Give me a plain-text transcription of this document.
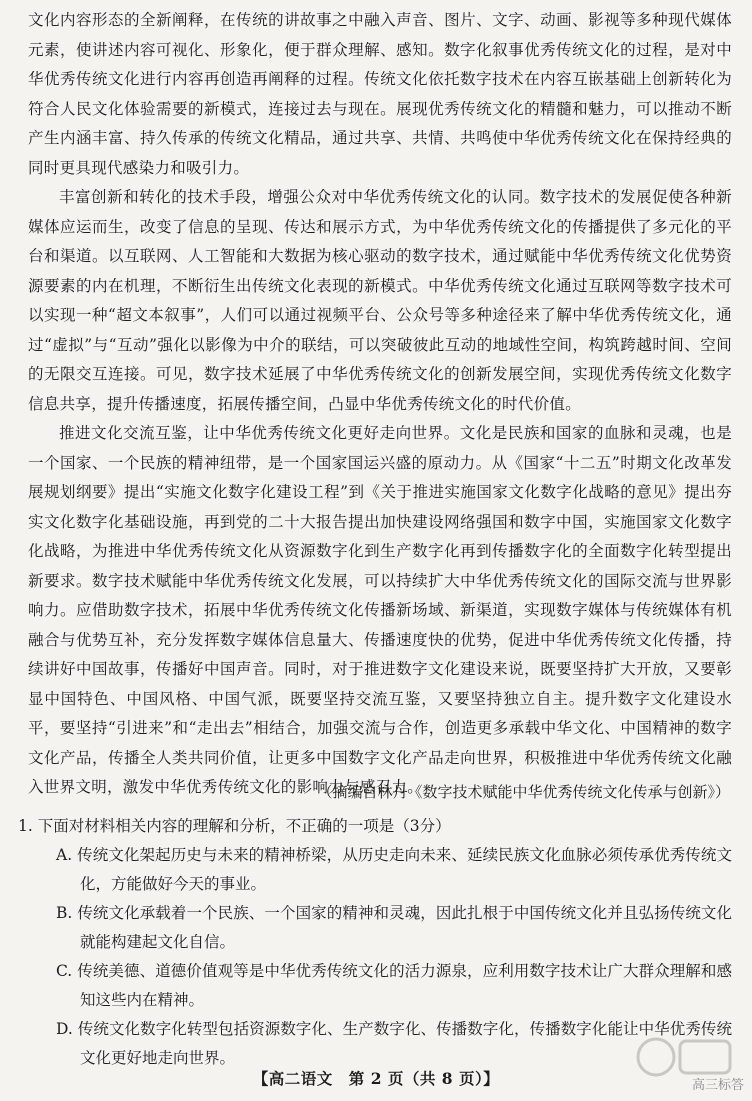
文化内容形态的全新阐释，在传统的讲故事之中融入声音、图片、文字、动画、影视等多种现代媒体元素，使讲述内容可视化、形象化，便于群众理解、感知。数字化叙事优秀传统文化的过程，是对中华优秀传统文化进行内容再创造再阐释的过程。传统文化依托数字技术在内容互嵌基础上创新转化为符合人民文化体验需要的新模式，连接过去与现在。展现优秀传统文化的精髓和魅力，可以推动不断产生内涵丰富、持久传承的传统文化精品，通过共享、共情、共鸣使中华优秀传统文化在保持经典的同时更具现代感染力和吸引力。

丰富创新和转化的技术手段，增强公众对中华优秀传统文化的认同。数字技术的发展促使各种新媒体应运而生，改变了信息的呈现、传达和展示方式，为中华优秀传统文化的传播提供了多元化的平台和渠道。以互联网、人工智能和大数据为核心驱动的数字技术，通过赋能中华优秀传统文化优势资源要素的内在机理，不断衍生出传统文化表现的新模式。中华优秀传统文化通过互联网等数字技术可以实现一种“超文本叙事”，人们可以通过视频平台、公众号等多种途径来了解中华优秀传统文化，通过“虚拟”与“互动”强化以影像为中介的联结，可以突破彼此互动的地域性空间，构筑跨越时间、空间的无限交互连接。可见，数字技术延展了中华优秀传统文化的创新发展空间，实现优秀传统文化数字信息共享，提升传播速度，拓展传播空间，凸显中华优秀传统文化的时代价值。

推进文化交流互鉴，让中华优秀传统文化更好走向世界。文化是民族和国家的血脉和灵魂，也是一个国家、一个民族的精神纽带，是一个国家国运兴盛的原动力。从《国家“十二五”时期文化改革发展规划纲要》提出“实施文化数字化建设工程”到《关于推进实施国家文化数字化战略的意见》提出夯实文化数字化基础设施，再到党的二十大报告提出加快建设网络强国和数字中国，实施国家文化数字化战略，为推进中华优秀传统文化从资源数字化到生产数字化再到传播数字化的全面数字化转型提出新要求。数字技术赋能中华优秀传统文化发展，可以持续扩大中华优秀传统文化的国际交流与世界影响力。应借助数字技术，拓展中华优秀传统文化传播新场域、新渠道，实现数字媒体与传统媒体有机融合与优势互补，充分发挥数字媒体信息量大、传播速度快的优势，促进中华优秀传统文化传播，持续讲好中国故事，传播好中国声音。同时，对于推进数字文化建设来说，既要坚持扩大开放，又要彰显中国特色、中国风格、中国气派，既要坚持交流互鉴，又要坚持独立自主。提升数字文化建设水平，要坚持“引进来”和“走出去”相结合，加强交流与合作，创造更多承载中华文化、中国精神的数字文化产品，传播全人类共同价值，让更多中国数字文化产品走向世界，积极推进中华优秀传统文化融入世界文明，激发中华优秀传统文化的影响力与感召力。

（摘编自林丹《数字技术赋能中华优秀传统文化传承与创新》）

1. 下面对材料相关内容的理解和分析，不正确的一项是（3分）

A. 传统文化架起历史与未来的精神桥梁，从历史走向未来、延续民族文化血脉必须传承优秀传统文化，方能做好今天的事业。

B. 传统文化承载着一个民族、一个国家的精神和灵魂，因此扎根于中国传统文化并且弘扬传统文化就能构建起文化自信。

C. 传统美德、道德价值观等是中华优秀传统文化的活力源泉，应利用数字技术让广大群众理解和感知这些内在精神。

D. 传统文化数字化转型包括资源数字化、生产数字化、传播数字化，传播数字化能让中华优秀传统文化更好地走向世界。

【高二语文　第 2 页（共 8 页）】	高三标答
